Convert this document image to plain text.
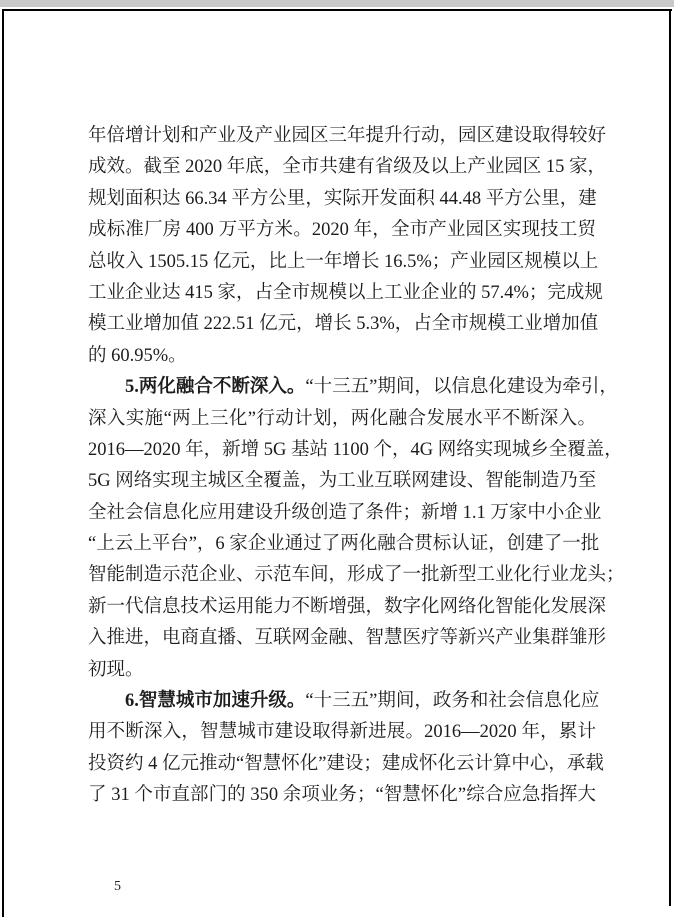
年倍增计划和产业及产业园区三年提升行动，园区建设取得较好
成效。截至 2020 年底，全市共建有省级及以上产业园区 15 家，
规划面积达 66.34 平方公里，实际开发面积 44.48 平方公里，建
成标准厂房 400 万平方米。2020 年，全市产业园区实现技工贸
总收入 1505.15 亿元，比上一年增长 16.5%；产业园区规模以上
工业企业达 415 家，占全市规模以上工业企业的 57.4%；完成规
模工业增加值 222.51 亿元，增长 5.3%，占全市规模工业增加值
的 60.95%。
5.两化融合不断深入。“十三五”期间，以信息化建设为牵引，
深入实施“两上三化”行动计划，两化融合发展水平不断深入。
2016—2020 年，新增 5G 基站 1100 个，4G 网络实现城乡全覆盖，
5G 网络实现主城区全覆盖，为工业互联网建设、智能制造乃至
全社会信息化应用建设升级创造了条件；新增 1.1 万家中小企业
“上云上平台”，6 家企业通过了两化融合贯标认证，创建了一批
智能制造示范企业、示范车间，形成了一批新型工业化行业龙头；
新一代信息技术运用能力不断增强，数字化网络化智能化发展深
入推进，电商直播、互联网金融、智慧医疗等新兴产业集群雏形
初现。
6.智慧城市加速升级。“十三五”期间，政务和社会信息化应
用不断深入，智慧城市建设取得新进展。2016—2020 年，累计
投资约 4 亿元推动“智慧怀化”建设；建成怀化云计算中心，承载
了 31 个市直部门的 350 余项业务；“智慧怀化”综合应急指挥大
5
